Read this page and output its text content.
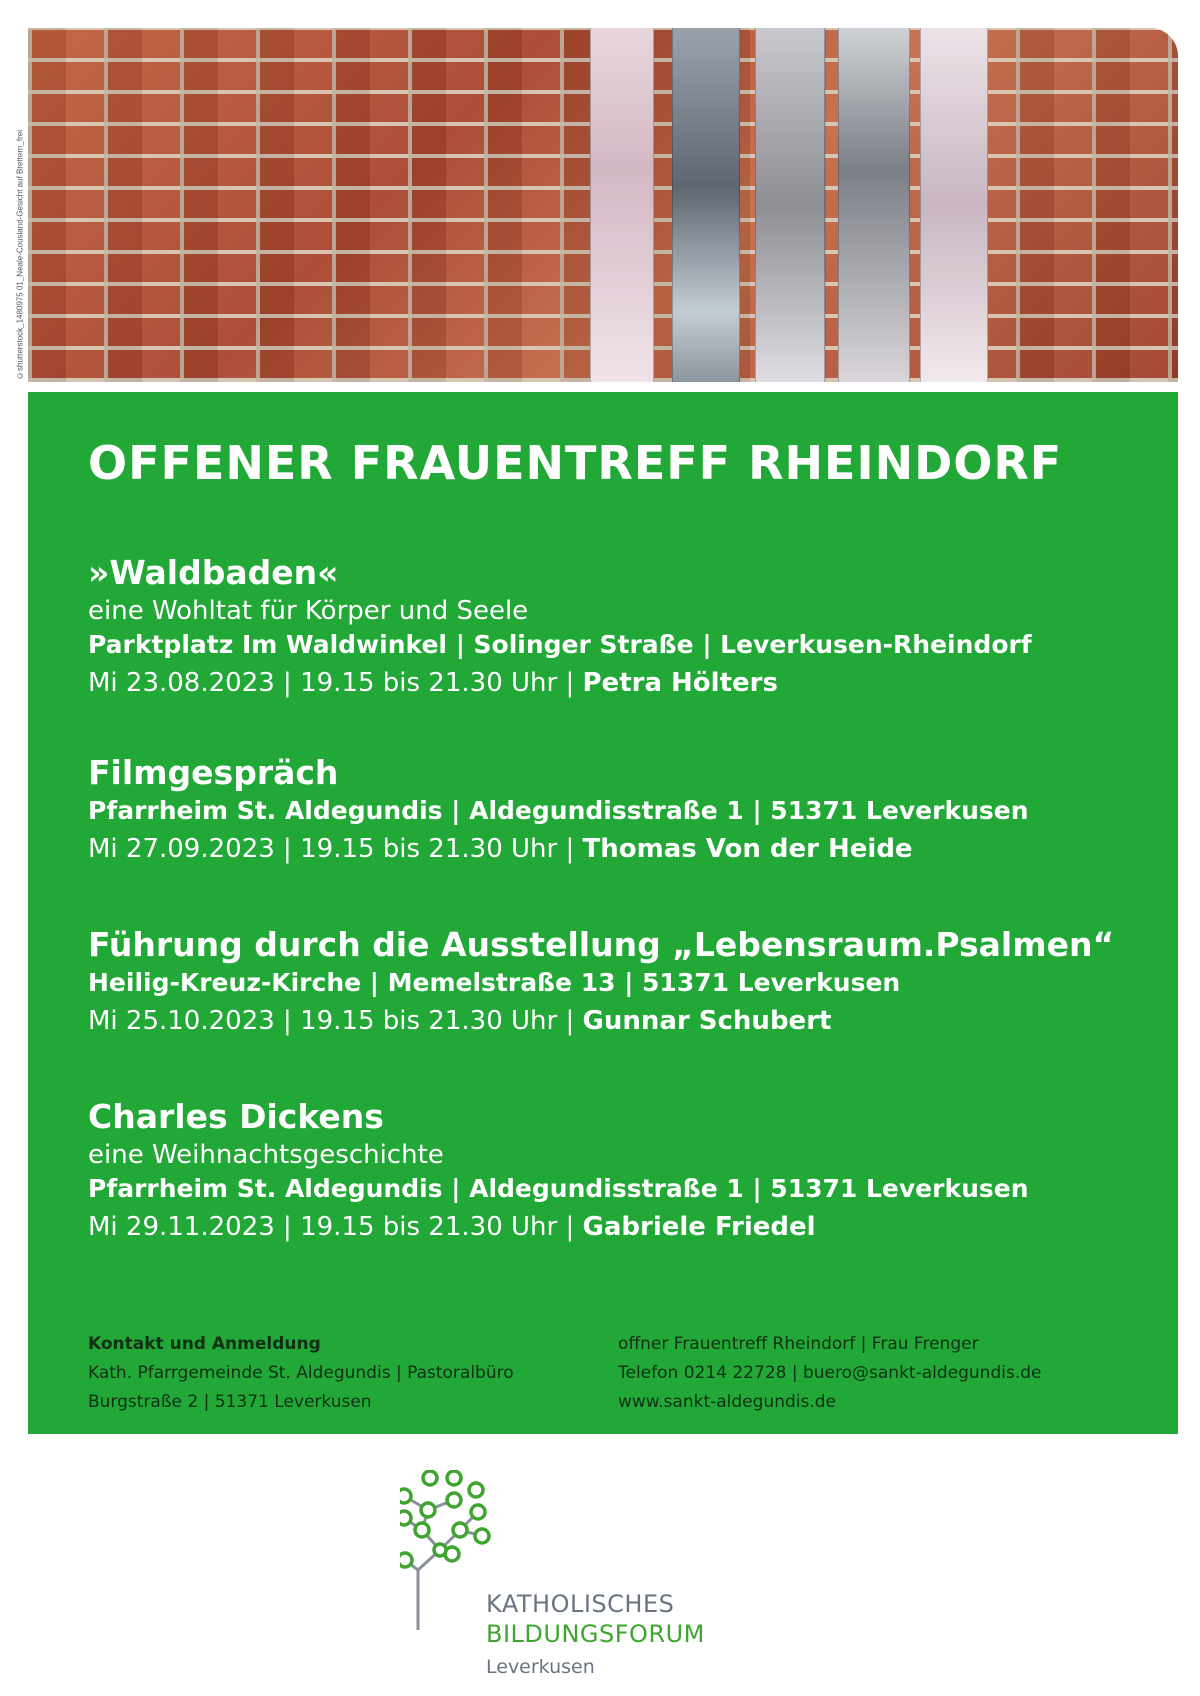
©shutterstock_1480975 01_Neale-Cousland-Gesicht auf Brettern_frei
OFFENER FRAUENTREFF RHEINDORF
»Waldbaden«
eine Wohltat für Körper und Seele
Parktplatz Im Waldwinkel | Solinger Straße | Leverkusen-Rheindorf
Mi 23.08.2023 | 19.15 bis 21.30 Uhr | Petra Hölters
Filmgespräch
Pfarrheim St. Aldegundis | Aldegundisstraße 1 | 51371 Leverkusen
Mi 27.09.2023 | 19.15 bis 21.30 Uhr | Thomas Von der Heide
Führung durch die Ausstellung „Lebensraum.Psalmen“
Heilig-Kreuz-Kirche | Memelstraße 13 | 51371 Leverkusen
Mi 25.10.2023 | 19.15 bis 21.30 Uhr | Gunnar Schubert
Charles Dickens
eine Weihnachtsgeschichte
Pfarrheim St. Aldegundis | Aldegundisstraße 1 | 51371 Leverkusen
Mi 29.11.2023 | 19.15 bis 21.30 Uhr | Gabriele Friedel
Kontakt und Anmeldung
Kath. Pfarrgemeinde St. Aldegundis | Pastoralbüro
Burgstraße 2 | 51371 Leverkusen
offner Frauentreff Rheindorf | Frau Frenger
Telefon 0214 22728 | buero@sankt-aldegundis.de
www.sankt-aldegundis.de
KATHOLISCHES
BILDUNGSFORUM
Leverkusen
